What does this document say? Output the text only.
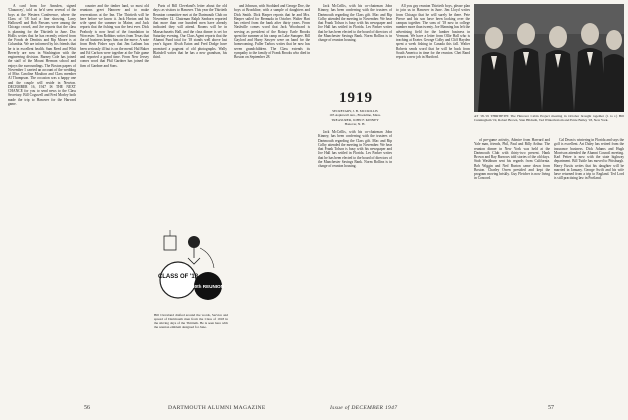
A card from Joe Amsden, signed 'Chauncey', told us he'd seen several of the boys at the Western Conference, where the Class of '18 had a fine showing. Larry Hallowell and Bob Parsons were among the Chicago crowd, and Joe reports that the class is planning for the Thirtieth in June. Doc Hollis writes that he has recently retired from the Fonds de Dentists and Rip Moore is at Columbia. We are informed by his friends that he is in excellent health. Sam Reed and Whit Beverly are now in Washington with the engineering division. Barney Cole has joined the staff of the Mount Hermon school and enjoys the surroundings. The Boston papers of November 1 carried an account of the wedding of Miss Caroline Moulton and Class member Al Thompson. The occasion was a happy one and the couple will reside in Newton. DECEMBER 16, 1947 IS THE NEXT CHANCE for you to send news to the Class Secretary. Bill Cogswell and Fred Morley both made the trip to Hanover for the Harvard game.

counter and the timber land, so most old reunions greet Hanover and to make reservations at the Inn. The Thirtieth will be here before we know it. Jack Horton and his wife spent the summer in Maine, and Jack reports that the fishing was the best ever. Dick Peabody is now head of the foundation in Worcester. Tom Robbins writes from Texas that the oil business keeps him on the move. A note from Herb Fisher says that Jim Latham has been seriously ill but is on the mend. Hal Baker and Ed Carlson were together at the Yale game and reported a grand time. From New Jersey comes word that Phil Gardner has joined the firm of Gardner and Sons.

Parts of Bill Cleveland's letter about the old days: as visitors to Hanover. This year the Thirtieth Reunion committee met at the Dartmouth Club on November 12. Chairman Ralph Sanborn reported that more than one hundred men have already indicated they will attend. Rooms will be in Massachusetts Hall, and the class dinner is set for Saturday evening. Our Class Agent reports that the Alumni Fund total for '18 stands well above last year's figure. Alvah Eaton and Fred Dodge have promised a pageant of old photographs. Wally Blaisdell writes that he has a new grandson, his third.

CLASS OF '18
30th REUNION
Bill Cleveland drafted around the words, Service and spread of Dartmouth men from the Class of 1918 in the stirring days of the Thirtieth. He is seen here with the reunion emblem designed for June.

and Johnson, with Stoddard and George Doe, the boys at Brookline, with a sample of daughters and Dick Smith. Dick Harper reports that he and Mrs. Harper sailed for Bermuda in October. Walter Hart has retired from the bank after thirty years. From Nashville comes word that Jack Woodward is serving as president of the Rotary. Earle Brooks spent the summer at his camp on Lake Sunapee. Bill Gaylord and Harry Sawyer were on hand for the homecoming. Fuller Tarbox writes that he now has seven grandchildren. The Class extends its sympathy to the family of Frank Brooks who died in Boston on September 28.

Jack McCrillis, with his co-chairman John Kinney, has been conferring with the trustees of Dartmouth regarding the Class gift. Mac and Rip Colby attended the meeting in November. We hear that Frank Tolson is busy with his newspaper and Joe Hall has settled in Florida. Les Parker writes that he has been elected to the board of directors of the Manchester Savings Bank. Norm Rollins is in charge of reunion housing.

1919
SECRETARY, J. B. MCCRILLIS
103 Aspinwall Ave., Brookline, Mass.
TREASURER, JOHN F. KINNEY
Hanover, N. H.

Jack McCrillis, with his co-chairman John Kinney, has been conferring with the trustees of Dartmouth regarding the Class gift. Mac and Rip Colby attended the meeting in November. We hear that Frank Tolson is busy with his newspaper and Joe Hall has settled in Florida. Les Parker writes that he has been elected to the board of directors of the Manchester Savings Bank. Norm Rollins is in charge of reunion housing.

All you gay reunion Thirtieth boys, please plan to join us in Hanover in June. Jim Lloyd writes from Chicago that he will surely be there. Pete Pierce and his son have been looking over the campus together. The sons of '18 now in college number more than twenty. Joe Manning has left the advertising field for the lumber business in Vermont. We have a letter from Ollie Hall who is teaching at Exeter. George Colby and Cliff Hayden spent a week fishing in Canada this fall. Walter Roberts sends word that he will be back from South America in time for the reunion. Chet Rand reports a new job in Hartford.

AT '18-'19 THIRTIETH: The Hanover Cabin Project meeting in October brought together (l. to r.) Bill Cunningham '19, Robert Brown, Stan Hildreth, Ted Winterbottom and Ernie Bailey '18, New York.

of pre-game activity, Admire from Harvard and Yale man, friends, Phil, Paul and Billy Arthur. The reunion dinner in New York was held at the Dartmouth Club with thirty-two present. Hank Brown and Ray Barrows told stories of the old days. Stub Washburn sent his regards from California. Bob Wiggin and Ned Burton came down from Boston. Charley Owen presided and kept the program moving briskly. Guy Fletcher is now living in Concord.

Cal Dean is wintering in Florida and says the golf is excellent. Art Daley has retired from the insurance business. Dick Adams and Hugh Morrison attended the Alumni Council meeting. Karl Pettee is now with the state highway department. Bill Tuttle has moved to Pittsburgh. Harry Eustis writes that his daughter will be married in January. George Swift and his wife have returned from a trip to England. Ted Lord is still practising law in Portland.

56	DARTMOUTH ALUMNI MAGAZINE	Issue of DECEMBER 1947	57
